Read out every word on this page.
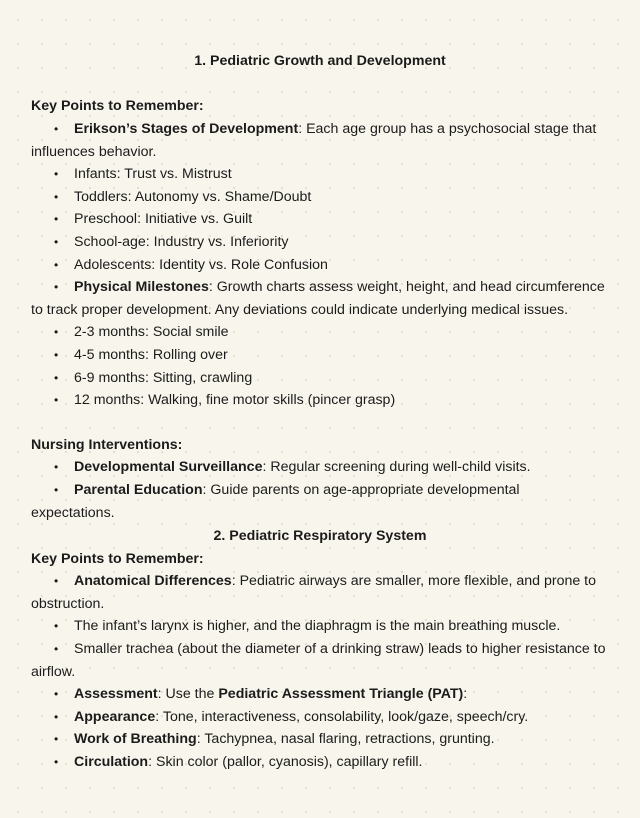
1. Pediatric Growth and Development
Key Points to Remember:
• Erikson’s Stages of Development: Each age group has a psychosocial stage that influences behavior.
• Infants: Trust vs. Mistrust
• Toddlers: Autonomy vs. Shame/Doubt
• Preschool: Initiative vs. Guilt
• School-age: Industry vs. Inferiority
• Adolescents: Identity vs. Role Confusion
• Physical Milestones: Growth charts assess weight, height, and head circumference to track proper development. Any deviations could indicate underlying medical issues.
• 2-3 months: Social smile
• 4-5 months: Rolling over
• 6-9 months: Sitting, crawling
• 12 months: Walking, fine motor skills (pincer grasp)
Nursing Interventions:
• Developmental Surveillance: Regular screening during well-child visits.
• Parental Education: Guide parents on age-appropriate developmental expectations.
2. Pediatric Respiratory System
Key Points to Remember:
• Anatomical Differences: Pediatric airways are smaller, more flexible, and prone to obstruction.
• The infant’s larynx is higher, and the diaphragm is the main breathing muscle.
• Smaller trachea (about the diameter of a drinking straw) leads to higher resistance to airflow.
• Assessment: Use the Pediatric Assessment Triangle (PAT):
• Appearance: Tone, interactiveness, consolability, look/gaze, speech/cry.
• Work of Breathing: Tachypnea, nasal flaring, retractions, grunting.
• Circulation: Skin color (pallor, cyanosis), capillary refill.
